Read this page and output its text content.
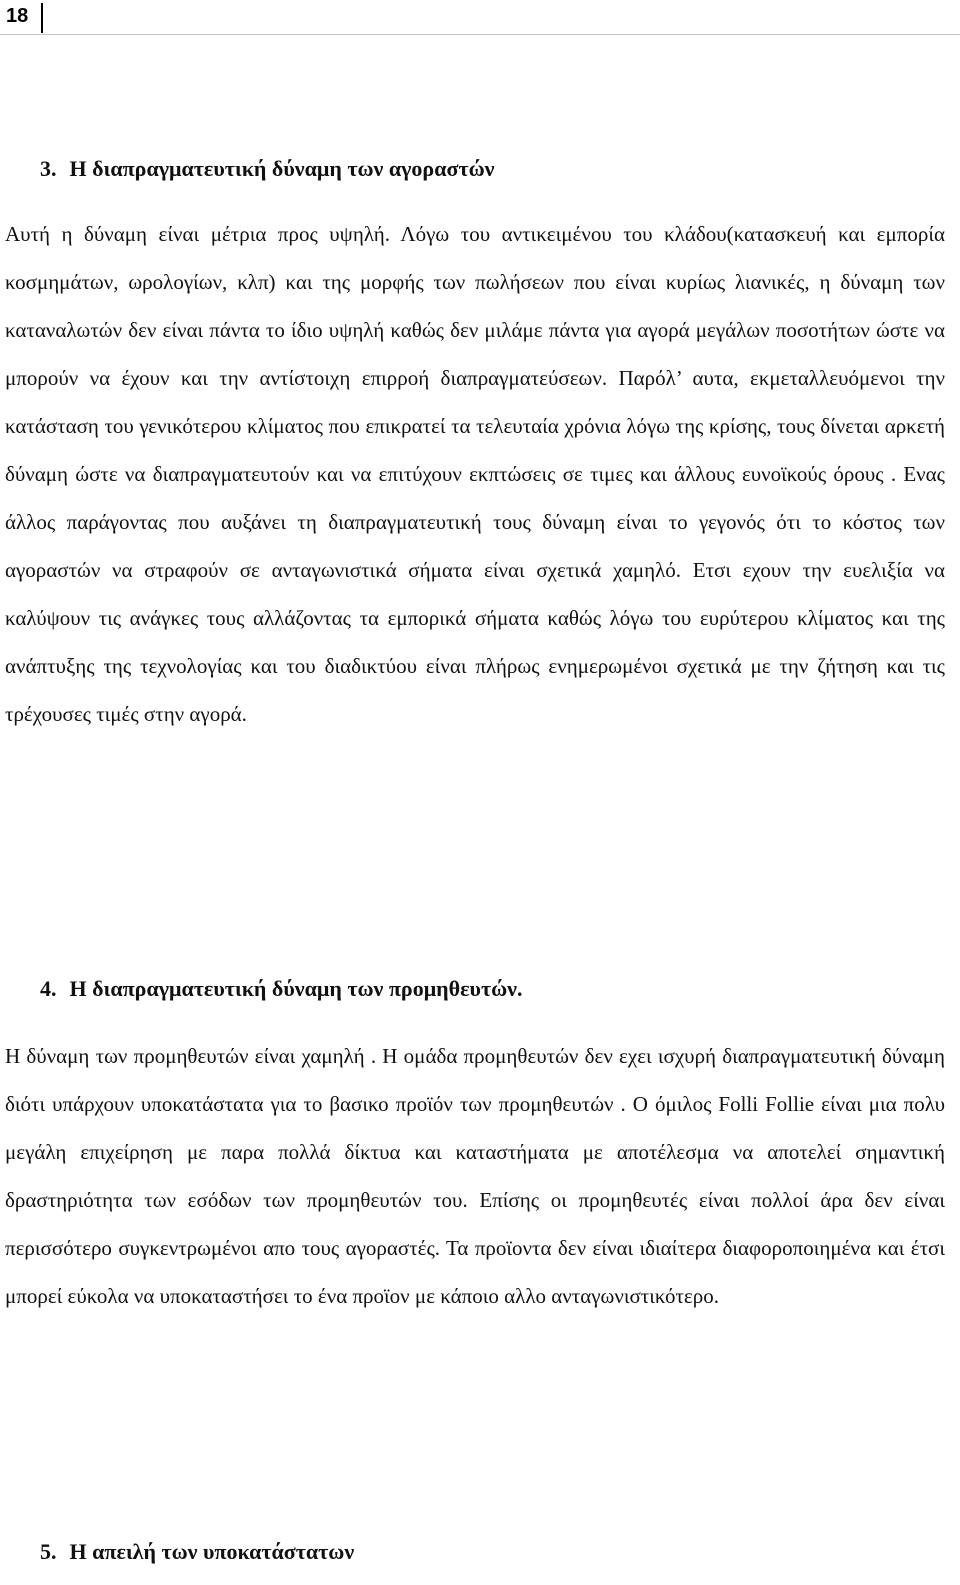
18
3. Η διαπραγματευτική δύναμη των αγοραστών

Αυτή η δύναμη είναι μέτρια προς υψηλή. Λόγω του αντικειμένου του κλάδου(κατασκευή και εμπορία κοσμημάτων, ωρολογίων, κλπ) και της μορφής των πωλήσεων που είναι κυρίως λιανικές, η δύναμη των καταναλωτών δεν είναι πάντα το ίδιο υψηλή καθώς δεν μιλάμε πάντα για αγορά μεγάλων ποσοτήτων ώστε να μπορούν να έχουν και την αντίστοιχη επιρροή διαπραγματεύσεων. Παρόλ’ αυτα, εκμεταλλευόμενοι την κατάσταση του γενικότερου κλίματος που επικρατεί τα τελευταία χρόνια λόγω της κρίσης, τους δίνεται αρκετή δύναμη ώστε να διαπραγματευτούν και να επιτύχουν εκπτώσεις σε τιμες και άλλους ευνοϊκούς όρους . Ενας άλλος παράγοντας που αυξάνει τη διαπραγματευτική τους δύναμη είναι το γεγονός ότι το κόστος των αγοραστών να στραφούν σε ανταγωνιστικά σήματα είναι σχετικά χαμηλό. Ετσι εχουν την ευελιξία να καλύψουν τις ανάγκες τους αλλάζοντας τα εμπορικά σήματα καθώς λόγω του ευρύτερου κλίματος και της ανάπτυξης της τεχνολογίας και του διαδικτύου είναι πλήρως ενημερωμένοι σχετικά με την ζήτηση και τις τρέχουσες τιμές στην αγορά.

4. Η διαπραγματευτική δύναμη των προμηθευτών.

Η δύναμη των προμηθευτών είναι χαμηλή . Η ομάδα προμηθευτών δεν εχει ισχυρή διαπραγματευτική δύναμη διότι υπάρχουν υποκατάστατα για το βασικο προϊόν των προμηθευτών . Ο όμιλος Folli Follie είναι μια πολυ μεγάλη επιχείρηση με παρα πολλά δίκτυα και καταστήματα με αποτέλεσμα να αποτελεί σημαντική δραστηριότητα των εσόδων των προμηθευτών του. Επίσης οι προμηθευτές είναι πολλοί άρα δεν είναι περισσότερο συγκεντρωμένοι απο τους αγοραστές. Τα προϊοντα δεν είναι ιδιαίτερα διαφοροποιημένα και έτσι μπορεί εύκολα να υποκαταστήσει το ένα προϊον με κάποιο αλλο ανταγωνιστικότερο.

5. Η απειλή των υποκατάστατων
